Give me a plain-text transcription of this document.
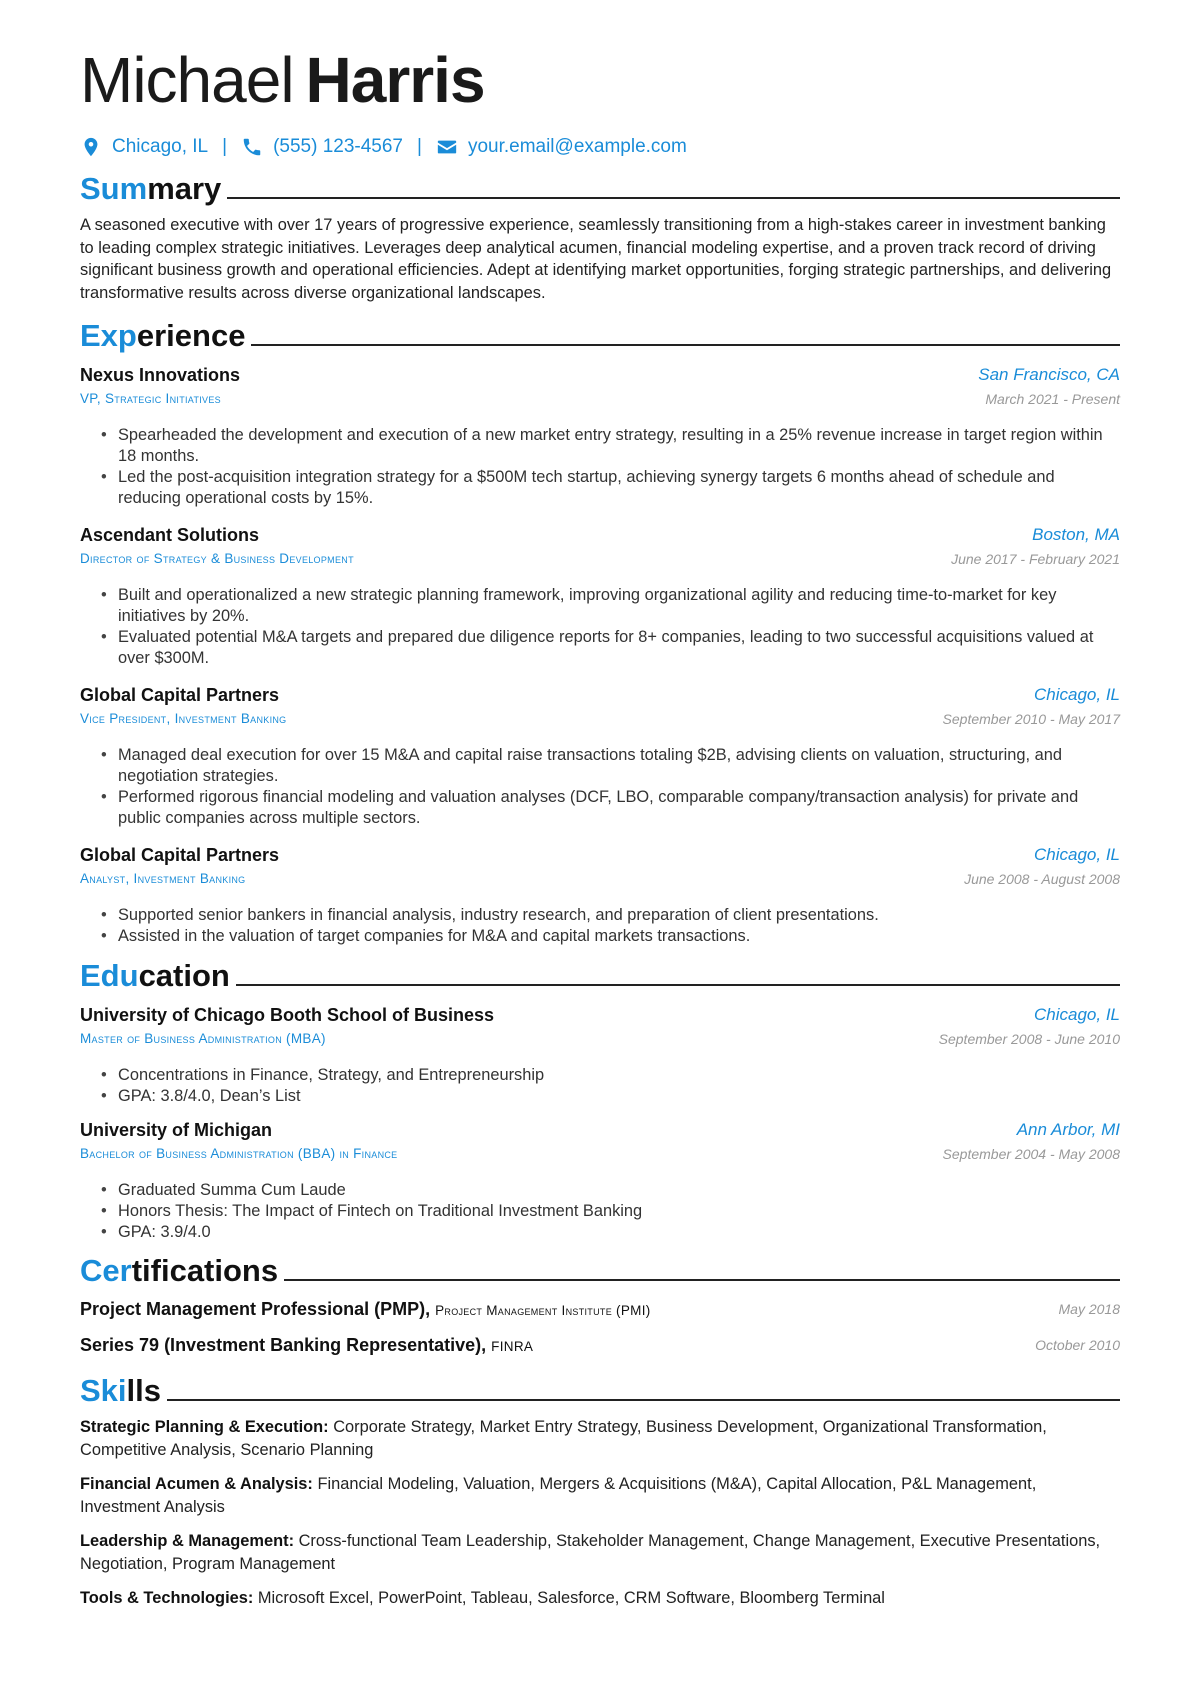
Michael Harris
Chicago, IL | (555) 123-4567 | your.email@example.com
Summary
A seasoned executive with over 17 years of progressive experience, seamlessly transitioning from a high-stakes career in investment banking to leading complex strategic initiatives. Leverages deep analytical acumen, financial modeling expertise, and a proven track record of driving significant business growth and operational efficiencies. Adept at identifying market opportunities, forging strategic partnerships, and delivering transformative results across diverse organizational landscapes.
Experience
Nexus Innovations	San Francisco, CA
VP, Strategic Initiatives	March 2021 - Present
• Spearheaded the development and execution of a new market entry strategy, resulting in a 25% revenue increase in target region within 18 months.
• Led the post-acquisition integration strategy for a $500M tech startup, achieving synergy targets 6 months ahead of schedule and reducing operational costs by 15%.
Ascendant Solutions	Boston, MA
Director of Strategy & Business Development	June 2017 - February 2021
• Built and operationalized a new strategic planning framework, improving organizational agility and reducing time-to-market for key initiatives by 20%.
• Evaluated potential M&A targets and prepared due diligence reports for 8+ companies, leading to two successful acquisitions valued at over $300M.
Global Capital Partners	Chicago, IL
Vice President, Investment Banking	September 2010 - May 2017
• Managed deal execution for over 15 M&A and capital raise transactions totaling $2B, advising clients on valuation, structuring, and negotiation strategies.
• Performed rigorous financial modeling and valuation analyses (DCF, LBO, comparable company/transaction analysis) for private and public companies across multiple sectors.
Global Capital Partners	Chicago, IL
Analyst, Investment Banking	June 2008 - August 2008
• Supported senior bankers in financial analysis, industry research, and preparation of client presentations.
• Assisted in the valuation of target companies for M&A and capital markets transactions.
Education
University of Chicago Booth School of Business	Chicago, IL
Master of Business Administration (MBA)	September 2008 - June 2010
• Concentrations in Finance, Strategy, and Entrepreneurship
• GPA: 3.8/4.0, Dean’s List
University of Michigan	Ann Arbor, MI
Bachelor of Business Administration (BBA) in Finance	September 2004 - May 2008
• Graduated Summa Cum Laude
• Honors Thesis: The Impact of Fintech on Traditional Investment Banking
• GPA: 3.9/4.0
Certifications
Project Management Professional (PMP), Project Management Institute (PMI)	May 2018
Series 79 (Investment Banking Representative), FINRA	October 2010
Skills
Strategic Planning & Execution: Corporate Strategy, Market Entry Strategy, Business Development, Organizational Transformation, Competitive Analysis, Scenario Planning
Financial Acumen & Analysis: Financial Modeling, Valuation, Mergers & Acquisitions (M&A), Capital Allocation, P&L Management, Investment Analysis
Leadership & Management: Cross-functional Team Leadership, Stakeholder Management, Change Management, Executive Presentations, Negotiation, Program Management
Tools & Technologies: Microsoft Excel, PowerPoint, Tableau, Salesforce, CRM Software, Bloomberg Terminal
